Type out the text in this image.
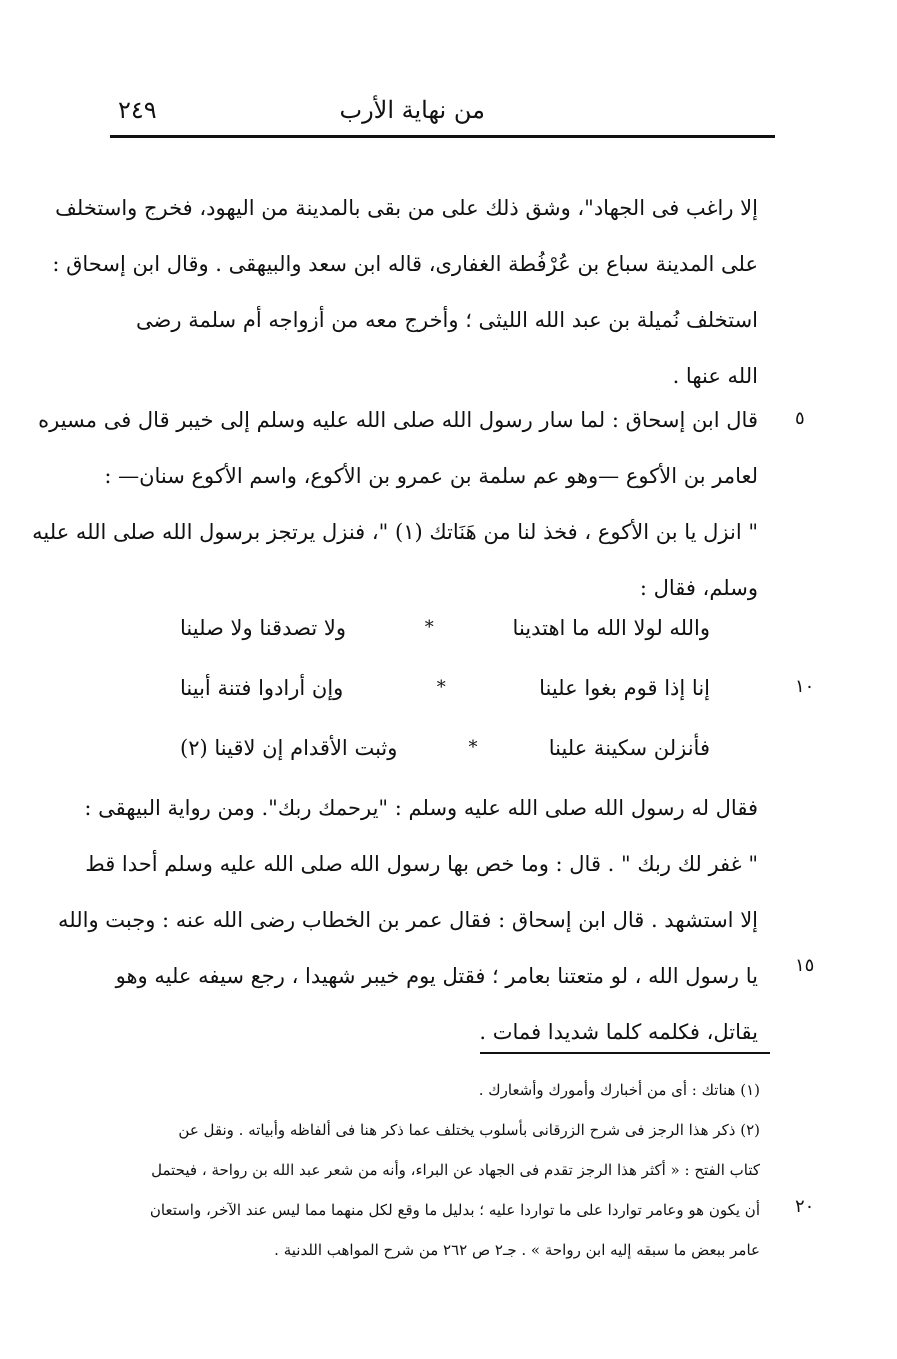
من نهاية الأرب
٢٤٩
إلا راغب فى الجهاد"، وشق ذلك على من بقى بالمدينة من اليهود، فخرج واستخلف
على المدينة سباع بن عُرْفُطة الغفارى، قاله ابن سعد والبيهقى . وقال ابن إسحاق :
استخلف نُميلة بن عبد الله الليثى ؛ وأخرج معه من أزواجه أم سلمة رضى
الله عنها .
قال ابن إسحاق : لما سار رسول الله صلى الله عليه وسلم إلى خيبر قال فى مسيره
لعامر بن الأكوع —وهو عم سلمة بن عمرو بن الأكوع، واسم الأكوع سنان— :
" انزل يا بن الأكوع ، فخذ لنا من هَنَاتك (١) "، فنزل يرتجز برسول الله صلى الله عليه
وسلم، فقال :
والله لولا الله ما اهتدينا
*
ولا تصدقنا ولا صلينا
إنا إذا قوم بغوا علينا
*
وإن أرادوا فتنة أبينا
فأنزلن سكينة علينا
*
وثبت الأقدام إن لاقينا (٢)
فقال له رسول الله صلى الله عليه وسلم : "يرحمك ربك". ومن رواية البيهقى :
" غفر لك ربك " . قال : وما خص بها رسول الله صلى الله عليه وسلم أحدا قط
إلا استشهد . قال ابن إسحاق : فقال عمر بن الخطاب رضى الله عنه : وجبت والله
يا رسول الله ، لو متعتنا بعامر ؛ فقتل يوم خيبر شهيدا ، رجع سيفه عليه وهو
يقاتل، فكلمه كلما شديدا فمات .
٥
١٠
١٥
٢٠
(١) هناتك : أى من أخبارك وأمورك وأشعارك .
(٢) ذكر هذا الرجز فى شرح الزرقانى بأسلوب يختلف عما ذكر هنا فى ألفاظه وأبياته . ونقل عن
كتاب الفتح : « أكثر هذا الرجز تقدم فى الجهاد عن البراء، وأنه من شعر عبد الله بن رواحة ، فيحتمل
أن يكون هو وعامر تواردا على ما تواردا عليه ؛ بدليل ما وقع لكل منهما مما ليس عند الآخر، واستعان
عامر ببعض ما سبقه إليه ابن رواحة » . جـ٢ ص ٢٦٢ من شرح المواهب اللدنية .
